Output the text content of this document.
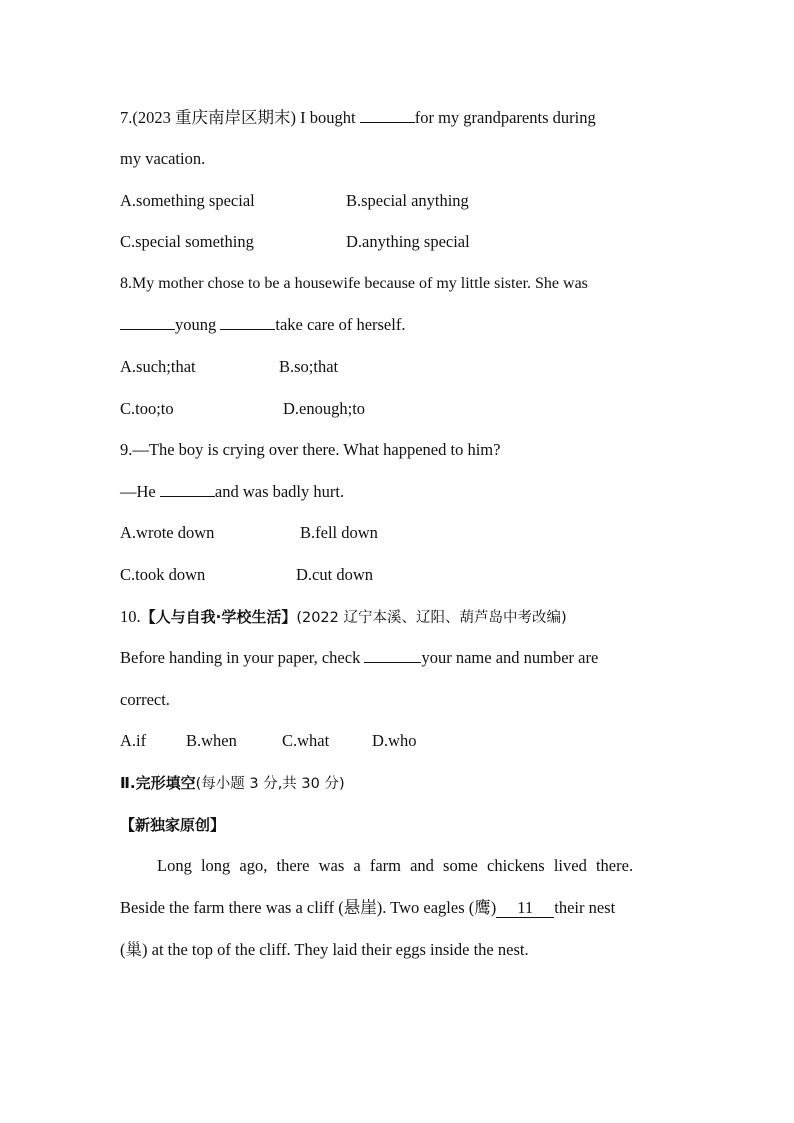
7.(2023 重庆南岸区期末) I bought	for my grandparents during
my vacation.
A.something special	B.special anything
C.special something	D.anything special
8.My mother chose to be a housewife because of my little sister. She was
young	take care of herself.
A.such;that	B.so;that
C.too;to	D.enough;to
9.—The boy is crying over there. What happened to him?
—He	and was badly hurt.
A.wrote down	B.fell down
C.took down	D.cut down
10.【人与自我·学校生活】(2022 辽宁本溪、辽阳、葫芦岛中考改编)
Before handing in your paper, check	your name and number are
correct.
A.if B.when	C.what	D.who
Ⅱ.完形填空(每小题 3 分,共 30 分)
【新独家原创】
Long long ago, there was a farm and some chickens lived there.
Beside the farm there was a cliff (悬崖). Two eagles (鹰) 11 their nest
(巢) at the top of the cliff. They laid their eggs inside the nest.
